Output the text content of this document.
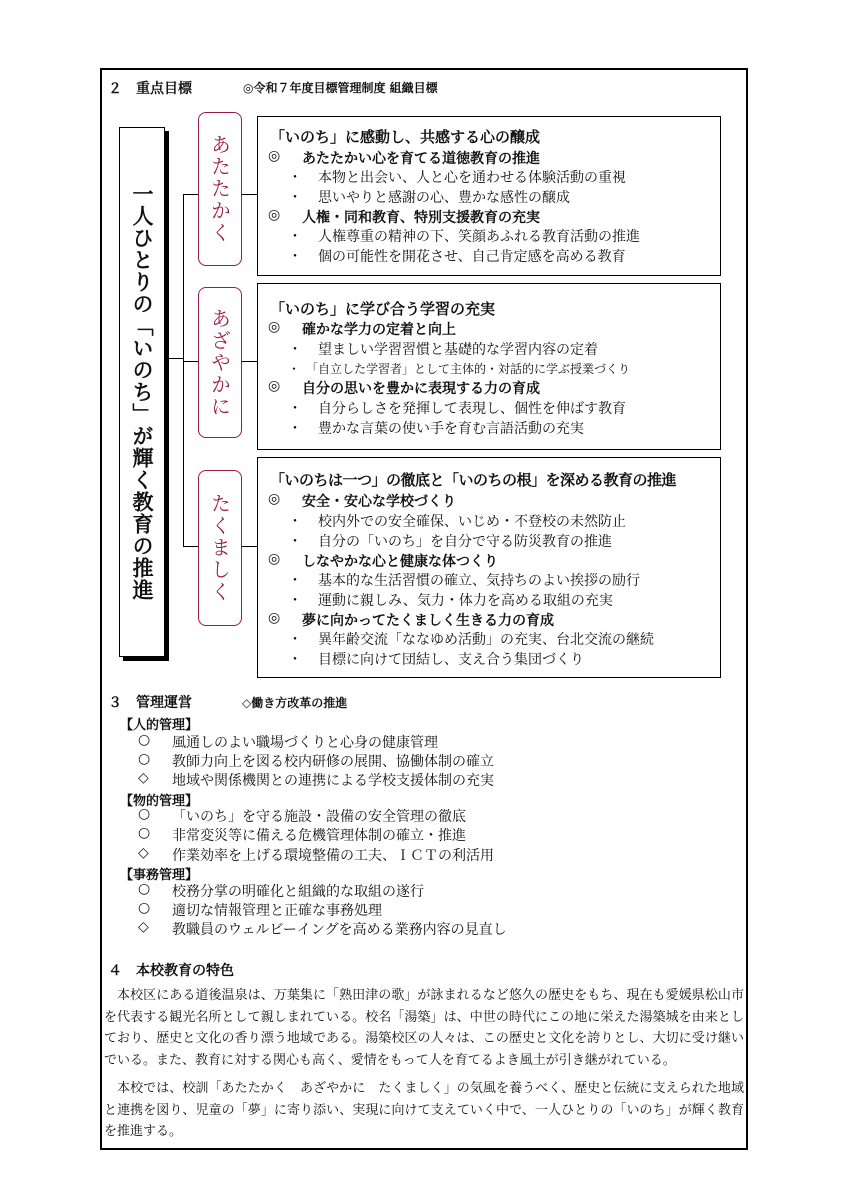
２　重点目標	◎令和７年度目標管理制度 組織目標
一人ひとりの「いのち」が輝く教育の推進	あたたかく
あざやかに
たくましく
「いのち」に感動し、共感する心の醸成
◎ あたたかい心を育てる道徳教育の推進
・ 本物と出会い、人と心を通わせる体験活動の重視
・ 思いやりと感謝の心、豊かな感性の醸成
◎ 人権・同和教育、特別支援教育の充実
・ 人権尊重の精神の下、笑顔あふれる教育活動の推進
・ 個の可能性を開花させ、自己肯定感を高める教育
「いのち」に学び合う学習の充実
◎ 確かな学力の定着と向上
・ 望ましい学習習慣と基礎的な学習内容の定着
・ 「自立した学習者」として主体的・対話的に学ぶ授業づくり
◎ 自分の思いを豊かに表現する力の育成
・ 自分らしさを発揮して表現し、個性を伸ばす教育
・ 豊かな言葉の使い手を育む言語活動の充実
「いのちは一つ」の徹底と「いのちの根」を深める教育の推進
◎ 安全・安心な学校づくり
・ 校内外での安全確保、いじめ・不登校の未然防止
・ 自分の「いのち」を自分で守る防災教育の推進
◎ しなやかな心と健康な体つくり
・ 基本的な生活習慣の確立、気持ちのよい挨拶の励行
・ 運動に親しみ、気力・体力を高める取組の充実
◎ 夢に向かってたくましく生きる力の育成
・ 異年齢交流「ななゆめ活動」の充実、台北交流の継続
・ 目標に向けて団結し、支え合う集団づくり
３　管理運営	◇働き方改革の推進
【人的管理】
○ 風通しのよい職場づくりと心身の健康管理
○ 教師力向上を図る校内研修の展開、協働体制の確立
◇ 地域や関係機関との連携による学校支援体制の充実
【物的管理】
○ 「いのち」を守る施設・設備の安全管理の徹底
○ 非常変災等に備える危機管理体制の確立・推進
◇ 作業効率を上げる環境整備の工夫、ＩＣＴの利活用
【事務管理】
○ 校務分掌の明確化と組織的な取組の遂行
○ 適切な情報管理と正確な事務処理
◇ 教職員のウェルビーイングを高める業務内容の見直し
４　本校教育の特色
本校区にある道後温泉は、万葉集に「熟田津の歌」が詠まれるなど悠久の歴史をもち、現在も愛媛県松山市を代表する観光名所として親しまれている。校名「湯築」は、中世の時代にこの地に栄えた湯築城を由来としており、歴史と文化の香り漂う地域である。湯築校区の人々は、この歴史と文化を誇りとし、大切に受け継いでいる。また、教育に対する関心も高く、愛情をもって人を育てるよき風土が引き継がれている。
本校では、校訓「あたたかく　あざやかに　たくましく」の気風を養うべく、歴史と伝統に支えられた地域と連携を図り、児童の「夢」に寄り添い、実現に向けて支えていく中で、一人ひとりの「いのち」が輝く教育を推進する。
